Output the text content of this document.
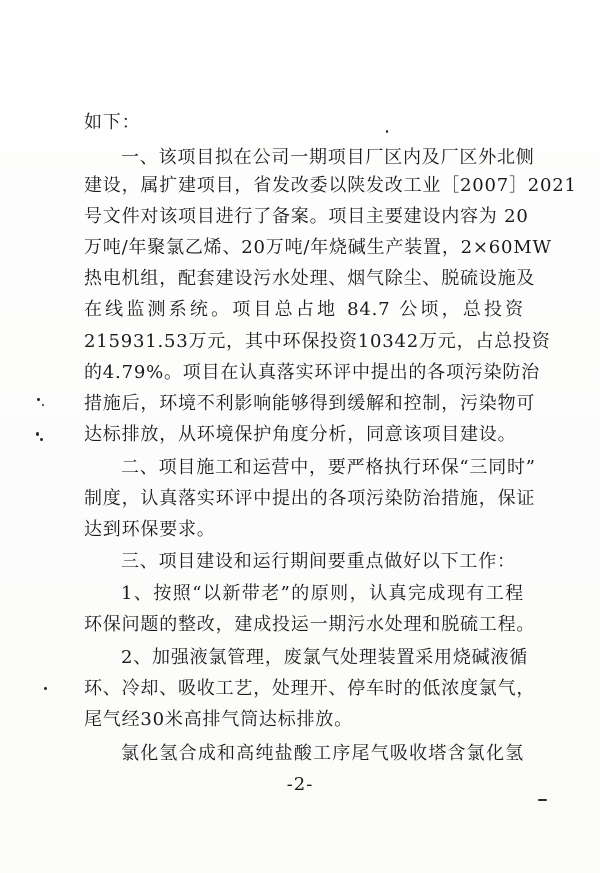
如下：
一、该项目拟在公司一期项目厂区内及厂区外北侧
建设，属扩建项目，省发改委以陕发改工业［2007］2021
号文件对该项目进行了备案。项目主要建设内容为 20
万吨/年聚氯乙烯、20万吨/年烧碱生产装置，2×60MW
热电机组，配套建设污水处理、烟气除尘、脱硫设施及
在线监测系统。项目总占地 84.7 公顷，总投资
215931.53万元，其中环保投资10342万元，占总投资
的4.79%。项目在认真落实环评中提出的各项污染防治
措施后，环境不利影响能够得到缓解和控制，污染物可
达标排放，从环境保护角度分析，同意该项目建设。
二、项目施工和运营中，要严格执行环保“三同时”
制度，认真落实环评中提出的各项污染防治措施，保证
达到环保要求。
三、项目建设和运行期间要重点做好以下工作：
1、按照“以新带老”的原则，认真完成现有工程
环保问题的整改，建成投运一期污水处理和脱硫工程。
2、加强液氯管理，废氯气处理装置采用烧碱液循
环、冷却、吸收工艺，处理开、停车时的低浓度氯气，
尾气经30米高排气筒达标排放。
氯化氢合成和高纯盐酸工序尾气吸收塔含氯化氢
-2-
